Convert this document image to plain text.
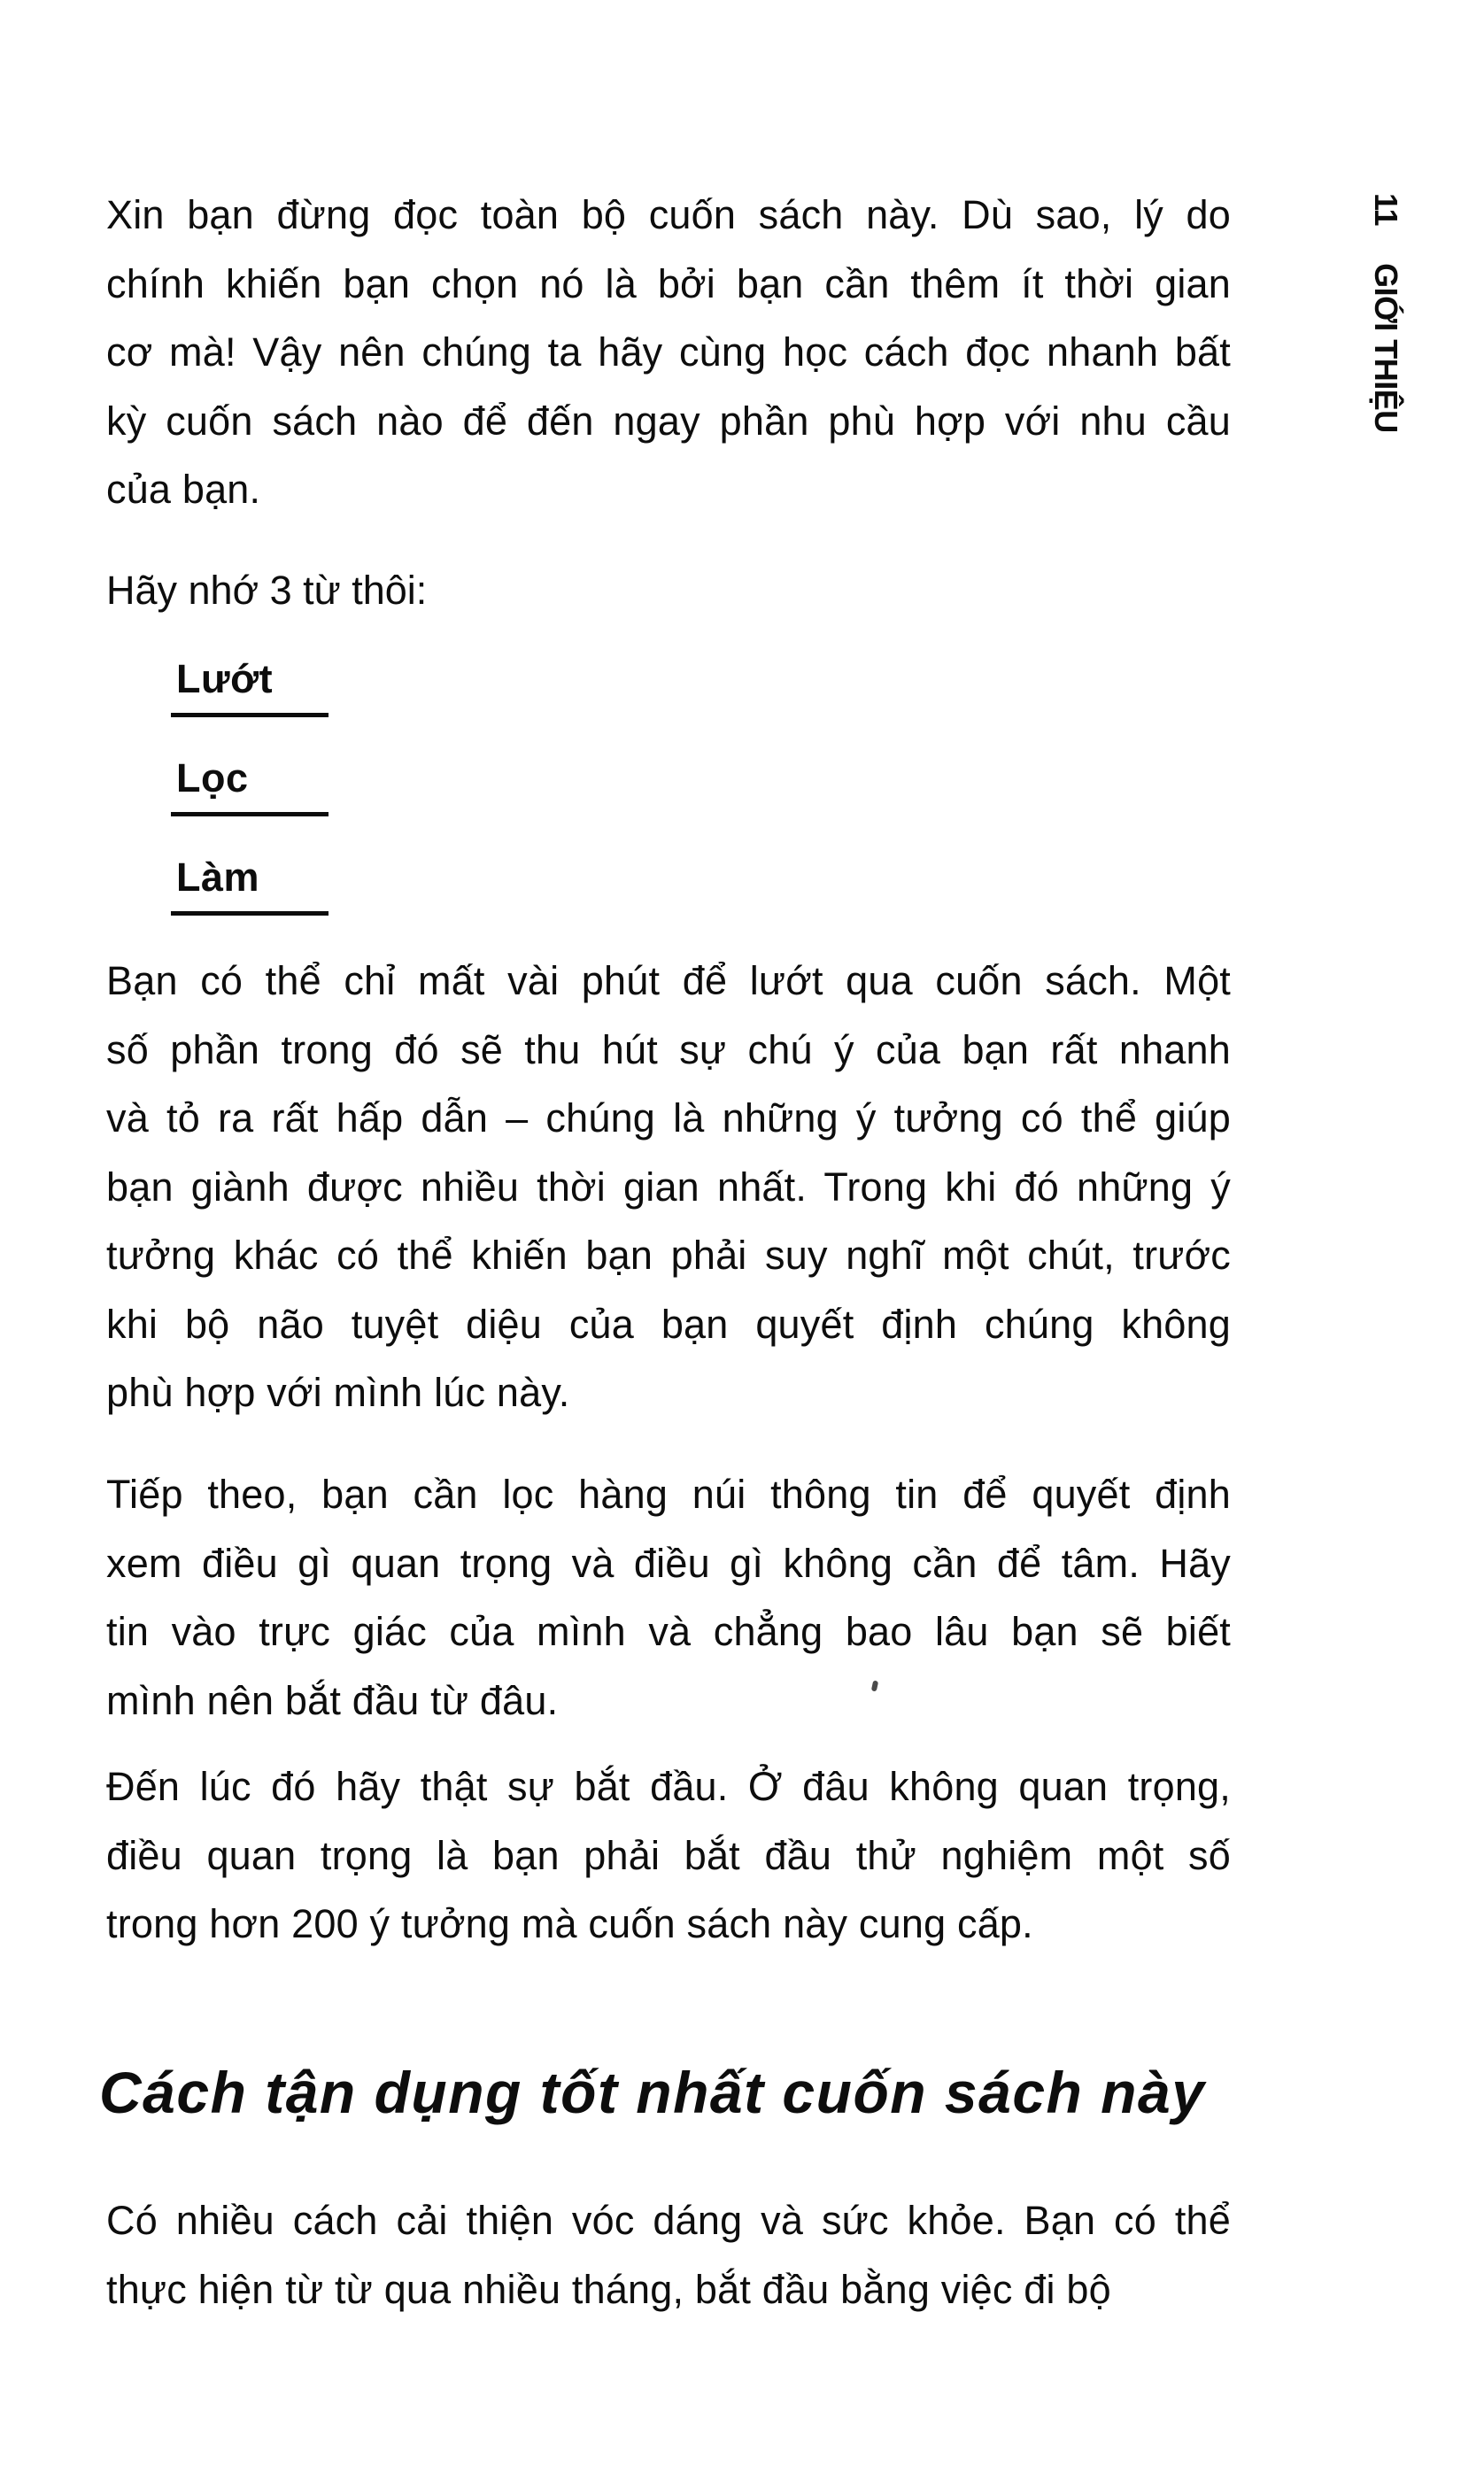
Xin bạn đừng đọc toàn bộ cuốn sách này. Dù sao, lý do
chính khiến bạn chọn nó là bởi bạn cần thêm ít thời gian
cơ mà! Vậy nên chúng ta hãy cùng học cách đọc nhanh bất
kỳ cuốn sách nào để đến ngay phần phù hợp với nhu cầu
của bạn.
Hãy nhớ 3 từ thôi:
Lướt
Lọc
Làm
Bạn có thể chỉ mất vài phút để lướt qua cuốn sách. Một
số phần trong đó sẽ thu hút sự chú ý của bạn rất nhanh
và tỏ ra rất hấp dẫn – chúng là những ý tưởng có thể giúp
bạn giành được nhiều thời gian nhất. Trong khi đó những ý
tưởng khác có thể khiến bạn phải suy nghĩ một chút, trước
khi bộ não tuyệt diệu của bạn quyết định chúng không
phù hợp với mình lúc này.
Tiếp theo, bạn cần lọc hàng núi thông tin để quyết định
xem điều gì quan trọng và điều gì không cần để tâm. Hãy
tin vào trực giác của mình và chẳng bao lâu bạn sẽ biết
mình nên bắt đầu từ đâu.
Đến lúc đó hãy thật sự bắt đầu. Ở đâu không quan trọng,
điều quan trọng là bạn phải bắt đầu thử nghiệm một số
trong hơn 200 ý tưởng mà cuốn sách này cung cấp.
Cách tận dụng tốt nhất cuốn sách này
Có nhiều cách cải thiện vóc dáng và sức khỏe. Bạn có thể
thực hiện từ từ qua nhiều tháng, bắt đầu bằng việc đi bộ
11GIỚI THIỆU
